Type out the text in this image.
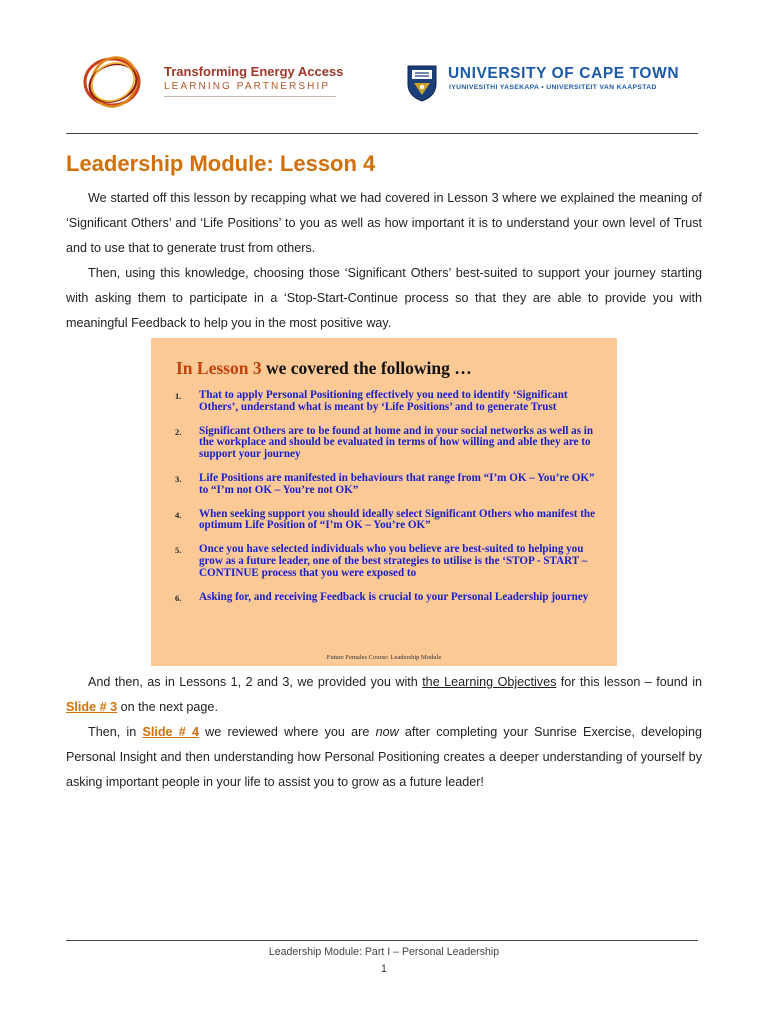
Transforming Energy Access
LEARNING PARTNERSHIP
UNIVERSITY OF CAPE TOWN
IYUNIVESITHI YASEKAPA • UNIVERSITEIT VAN KAAPSTAD
Leadership Module: Lesson 4

We started off this lesson by recapping what we had covered in Lesson 3 where we explained the meaning of ‘Significant Others’ and ‘Life Positions’ to you as well as how important it is to understand your own level of Trust and to use that to generate trust from others.

Then, using this knowledge, choosing those ‘Significant Others’ best-suited to support your journey starting with asking them to participate in a ‘Stop-Start-Continue process so that they are able to provide you with meaningful Feedback to help you in the most positive way.

In Lesson 3 we covered the following …
1.	That to apply Personal Positioning effectively you need to identify ‘Significant Others’, understand what is meant by ‘Life Positions’ and to generate Trust
2.	Significant Others are to be found at home and in your social networks as well as in the workplace and should be evaluated in terms of how willing and able they are to support your journey
3.	Life Positions are manifested in behaviours that range from “I’m OK – You’re OK” to “I’m not OK – You’re not OK”
4.	When seeking support you should ideally select Significant Others who manifest the optimum Life Position of “I’m OK – You’re OK”
5.	Once you have selected individuals who you believe are best-suited to helping you grow as a future leader, one of the best strategies to utilise is the ‘STOP - START – CONTINUE process that you were exposed to
6.	Asking for, and receiving Feedback is crucial to your Personal Leadership journey
Future Females Course: Leadership Module

And then, as in Lessons 1, 2 and 3, we provided you with the Learning Objectives for this lesson – found in Slide # 3 on the next page.

Then, in Slide # 4 we reviewed where you are now after completing your Sunrise Exercise, developing Personal Insight and then understanding how Personal Positioning creates a deeper understanding of yourself by asking important people in your life to assist you to grow as a future leader!

Leadership Module: Part I – Personal Leadership
1
